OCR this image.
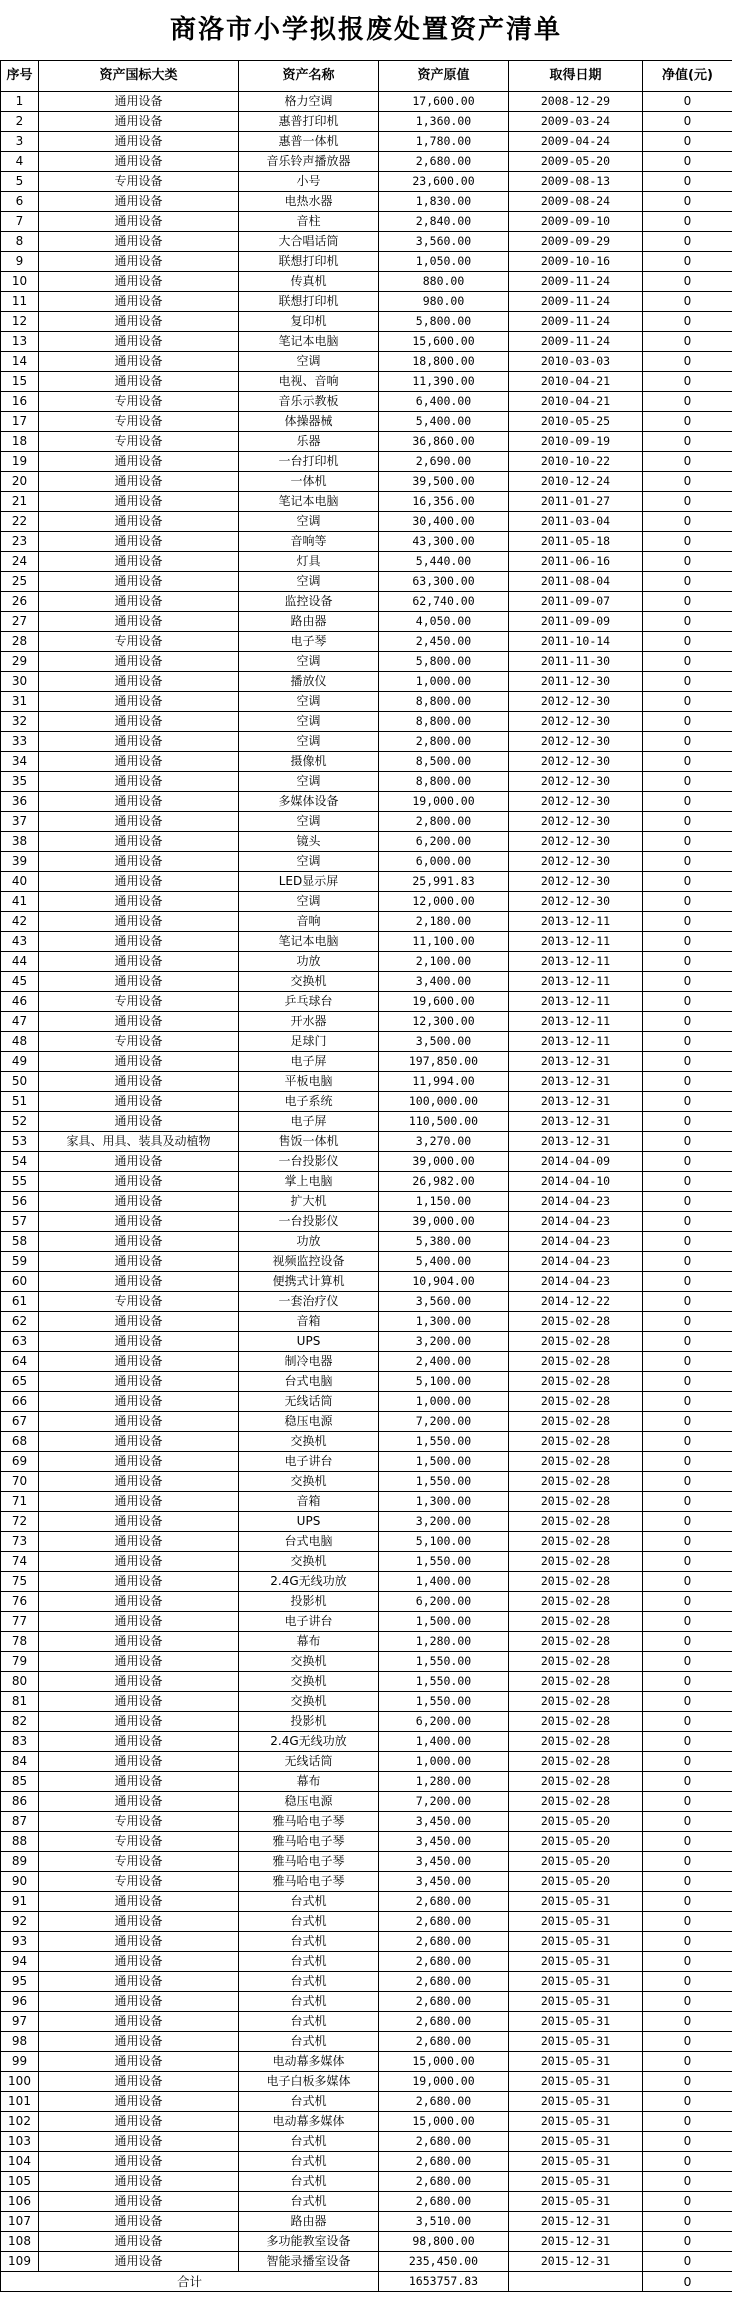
商洛市小学拟报废处置资产清单
序号	资产国标大类	资产名称	资产原值	取得日期	净值(元)
1	通用设备	格力空调	17,600.00	2008-12-29	0
2	通用设备	惠普打印机	1,360.00	2009-03-24	0
3	通用设备	惠普一体机	1,780.00	2009-04-24	0
4	通用设备	音乐铃声播放器	2,680.00	2009-05-20	0
5	专用设备	小号	23,600.00	2009-08-13	0
6	通用设备	电热水器	1,830.00	2009-08-24	0
7	通用设备	音柱	2,840.00	2009-09-10	0
8	通用设备	大合唱话筒	3,560.00	2009-09-29	0
9	通用设备	联想打印机	1,050.00	2009-10-16	0
10	通用设备	传真机	880.00	2009-11-24	0
11	通用设备	联想打印机	980.00	2009-11-24	0
12	通用设备	复印机	5,800.00	2009-11-24	0
13	通用设备	笔记本电脑	15,600.00	2009-11-24	0
14	通用设备	空调	18,800.00	2010-03-03	0
15	通用设备	电视、音响	11,390.00	2010-04-21	0
16	专用设备	音乐示教板	6,400.00	2010-04-21	0
17	专用设备	体操器械	5,400.00	2010-05-25	0
18	专用设备	乐器	36,860.00	2010-09-19	0
19	通用设备	一台打印机	2,690.00	2010-10-22	0
20	通用设备	一体机	39,500.00	2010-12-24	0
21	通用设备	笔记本电脑	16,356.00	2011-01-27	0
22	通用设备	空调	30,400.00	2011-03-04	0
23	通用设备	音响等	43,300.00	2011-05-18	0
24	通用设备	灯具	5,440.00	2011-06-16	0
25	通用设备	空调	63,300.00	2011-08-04	0
26	通用设备	监控设备	62,740.00	2011-09-07	0
27	通用设备	路由器	4,050.00	2011-09-09	0
28	专用设备	电子琴	2,450.00	2011-10-14	0
29	通用设备	空调	5,800.00	2011-11-30	0
30	通用设备	播放仪	1,000.00	2011-12-30	0
31	通用设备	空调	8,800.00	2012-12-30	0
32	通用设备	空调	8,800.00	2012-12-30	0
33	通用设备	空调	2,800.00	2012-12-30	0
34	通用设备	摄像机	8,500.00	2012-12-30	0
35	通用设备	空调	8,800.00	2012-12-30	0
36	通用设备	多媒体设备	19,000.00	2012-12-30	0
37	通用设备	空调	2,800.00	2012-12-30	0
38	通用设备	镜头	6,200.00	2012-12-30	0
39	通用设备	空调	6,000.00	2012-12-30	0
40	通用设备	LED显示屏	25,991.83	2012-12-30	0
41	通用设备	空调	12,000.00	2012-12-30	0
42	通用设备	音响	2,180.00	2013-12-11	0
43	通用设备	笔记本电脑	11,100.00	2013-12-11	0
44	通用设备	功放	2,100.00	2013-12-11	0
45	通用设备	交换机	3,400.00	2013-12-11	0
46	专用设备	乒乓球台	19,600.00	2013-12-11	0
47	通用设备	开水器	12,300.00	2013-12-11	0
48	专用设备	足球门	3,500.00	2013-12-11	0
49	通用设备	电子屏	197,850.00	2013-12-31	0
50	通用设备	平板电脑	11,994.00	2013-12-31	0
51	通用设备	电子系统	100,000.00	2013-12-31	0
52	通用设备	电子屏	110,500.00	2013-12-31	0
53	家具、用具、装具及动植物	售饭一体机	3,270.00	2013-12-31	0
54	通用设备	一台投影仪	39,000.00	2014-04-09	0
55	通用设备	掌上电脑	26,982.00	2014-04-10	0
56	通用设备	扩大机	1,150.00	2014-04-23	0
57	通用设备	一台投影仪	39,000.00	2014-04-23	0
58	通用设备	功放	5,380.00	2014-04-23	0
59	通用设备	视频监控设备	5,400.00	2014-04-23	0
60	通用设备	便携式计算机	10,904.00	2014-04-23	0
61	专用设备	一套治疗仪	3,560.00	2014-12-22	0
62	通用设备	音箱	1,300.00	2015-02-28	0
63	通用设备	UPS	3,200.00	2015-02-28	0
64	通用设备	制冷电器	2,400.00	2015-02-28	0
65	通用设备	台式电脑	5,100.00	2015-02-28	0
66	通用设备	无线话筒	1,000.00	2015-02-28	0
67	通用设备	稳压电源	7,200.00	2015-02-28	0
68	通用设备	交换机	1,550.00	2015-02-28	0
69	通用设备	电子讲台	1,500.00	2015-02-28	0
70	通用设备	交换机	1,550.00	2015-02-28	0
71	通用设备	音箱	1,300.00	2015-02-28	0
72	通用设备	UPS	3,200.00	2015-02-28	0
73	通用设备	台式电脑	5,100.00	2015-02-28	0
74	通用设备	交换机	1,550.00	2015-02-28	0
75	通用设备	2.4G无线功放	1,400.00	2015-02-28	0
76	通用设备	投影机	6,200.00	2015-02-28	0
77	通用设备	电子讲台	1,500.00	2015-02-28	0
78	通用设备	幕布	1,280.00	2015-02-28	0
79	通用设备	交换机	1,550.00	2015-02-28	0
80	通用设备	交换机	1,550.00	2015-02-28	0
81	通用设备	交换机	1,550.00	2015-02-28	0
82	通用设备	投影机	6,200.00	2015-02-28	0
83	通用设备	2.4G无线功放	1,400.00	2015-02-28	0
84	通用设备	无线话筒	1,000.00	2015-02-28	0
85	通用设备	幕布	1,280.00	2015-02-28	0
86	通用设备	稳压电源	7,200.00	2015-02-28	0
87	专用设备	雅马哈电子琴	3,450.00	2015-05-20	0
88	专用设备	雅马哈电子琴	3,450.00	2015-05-20	0
89	专用设备	雅马哈电子琴	3,450.00	2015-05-20	0
90	专用设备	雅马哈电子琴	3,450.00	2015-05-20	0
91	通用设备	台式机	2,680.00	2015-05-31	0
92	通用设备	台式机	2,680.00	2015-05-31	0
93	通用设备	台式机	2,680.00	2015-05-31	0
94	通用设备	台式机	2,680.00	2015-05-31	0
95	通用设备	台式机	2,680.00	2015-05-31	0
96	通用设备	台式机	2,680.00	2015-05-31	0
97	通用设备	台式机	2,680.00	2015-05-31	0
98	通用设备	台式机	2,680.00	2015-05-31	0
99	通用设备	电动幕多媒体	15,000.00	2015-05-31	0
100	通用设备	电子白板多媒体	19,000.00	2015-05-31	0
101	通用设备	台式机	2,680.00	2015-05-31	0
102	通用设备	电动幕多媒体	15,000.00	2015-05-31	0
103	通用设备	台式机	2,680.00	2015-05-31	0
104	通用设备	台式机	2,680.00	2015-05-31	0
105	通用设备	台式机	2,680.00	2015-05-31	0
106	通用设备	台式机	2,680.00	2015-05-31	0
107	通用设备	路由器	3,510.00	2015-12-31	0
108	通用设备	多功能教室设备	98,800.00	2015-12-31	0
109	通用设备	智能录播室设备	235,450.00	2015-12-31	0
合计			1653757.83		0
